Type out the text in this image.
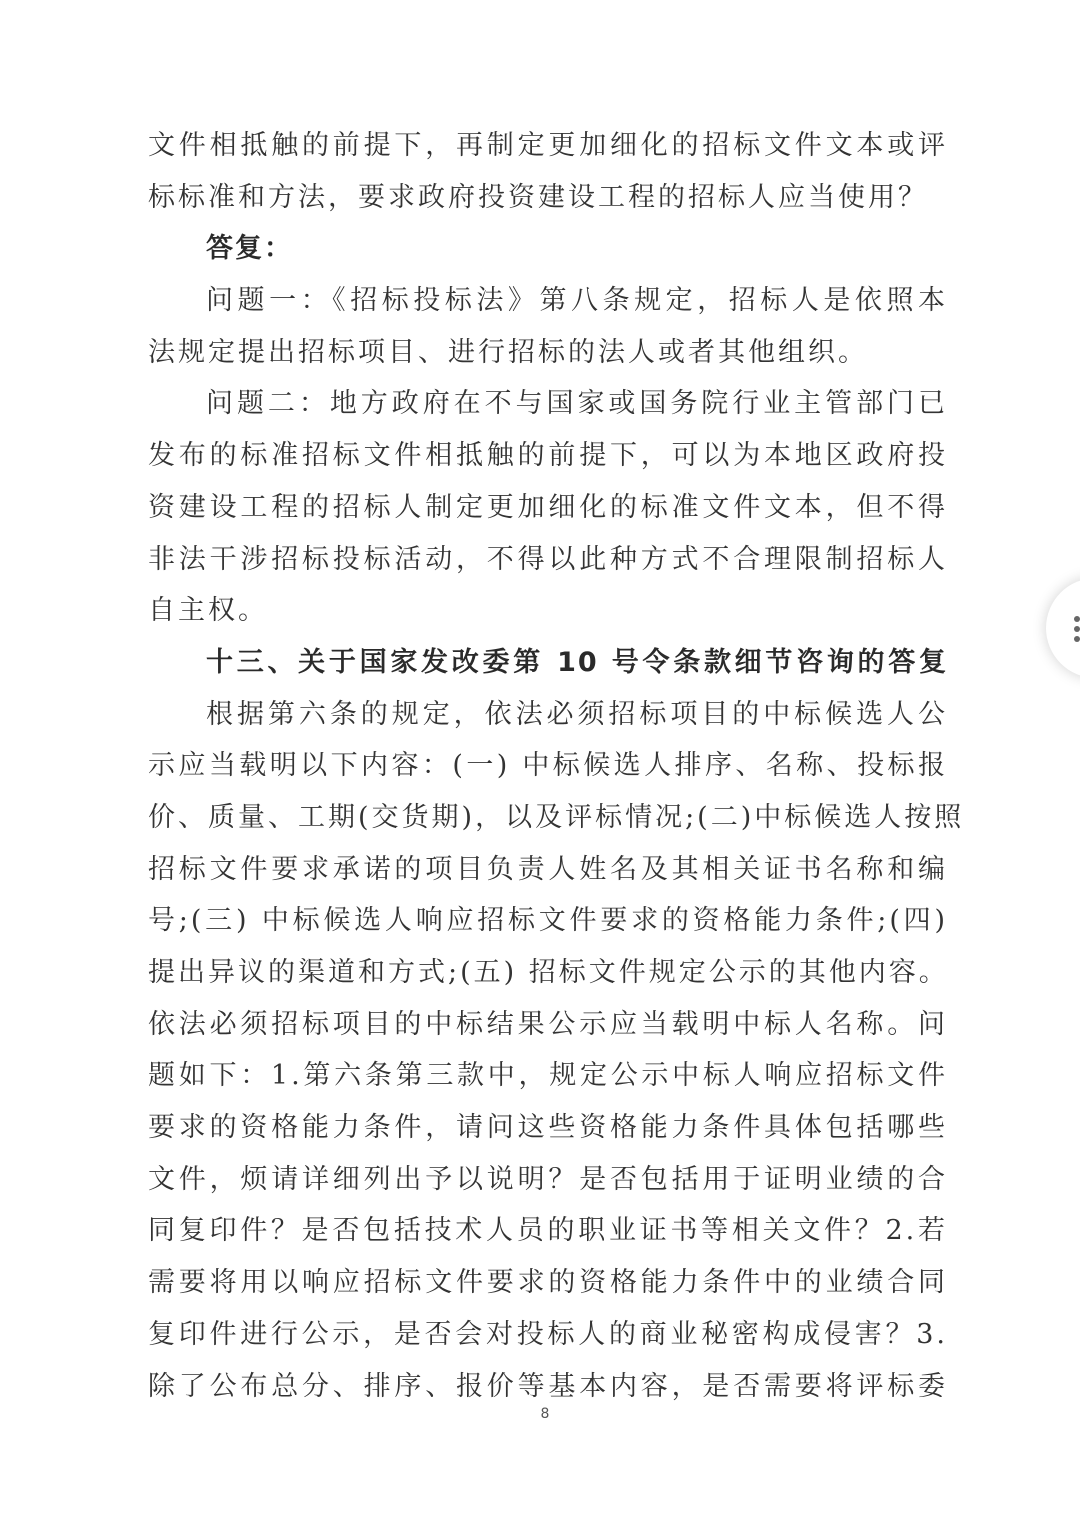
文件相抵触的前提下，再制定更加细化的招标文件文本或评
标标准和方法，要求政府投资建设工程的招标人应当使用？
答复：
问题一：《招标投标法》第八条规定，招标人是依照本
法规定提出招标项目、进行招标的法人或者其他组织。
问题二：地方政府在不与国家或国务院行业主管部门已
发布的标准招标文件相抵触的前提下，可以为本地区政府投
资建设工程的招标人制定更加细化的标准文件文本，但不得
非法干涉招标投标活动，不得以此种方式不合理限制招标人
自主权。
十三、关于国家发改委第 10 号令条款细节咨询的答复
根据第六条的规定，依法必须招标项目的中标候选人公
示应当载明以下内容：(一) 中标候选人排序、名称、投标报
价、质量、工期(交货期)，以及评标情况;(二)中标候选人按照
招标文件要求承诺的项目负责人姓名及其相关证书名称和编
号;(三) 中标候选人响应招标文件要求的资格能力条件;(四)
提出异议的渠道和方式;(五) 招标文件规定公示的其他内容。
依法必须招标项目的中标结果公示应当载明中标人名称。问
题如下：1.第六条第三款中，规定公示中标人响应招标文件
要求的资格能力条件，请问这些资格能力条件具体包括哪些
文件，烦请详细列出予以说明？是否包括用于证明业绩的合
同复印件？是否包括技术人员的职业证书等相关文件？2.若
需要将用以响应招标文件要求的资格能力条件中的业绩合同
复印件进行公示，是否会对投标人的商业秘密构成侵害？3.
除了公布总分、排序、报价等基本内容，是否需要将评标委
8
